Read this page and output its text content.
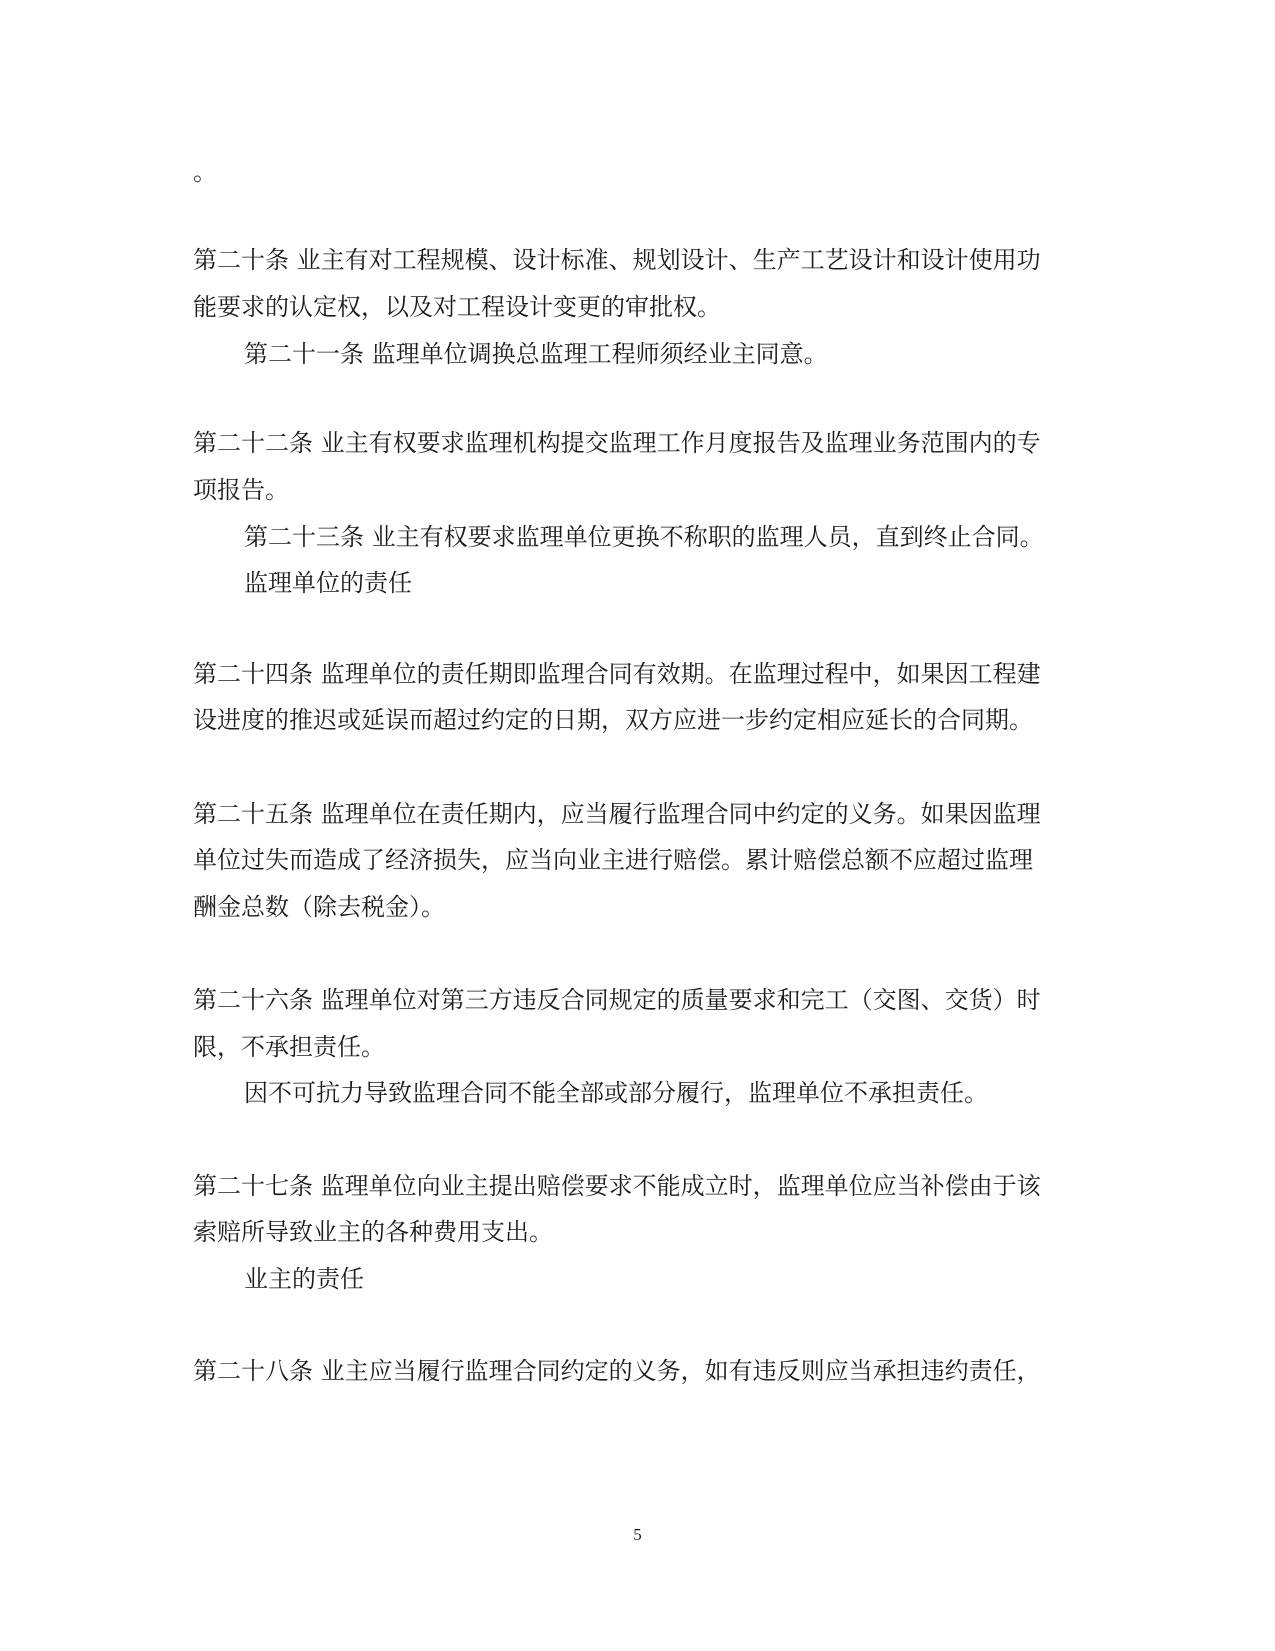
。
第二十条 业主有对工程规模、设计标准、规划设计、生产工艺设计和设计使用功
能要求的认定权，以及对工程设计变更的审批权。
第二十一条 监理单位调换总监理工程师须经业主同意。
第二十二条 业主有权要求监理机构提交监理工作月度报告及监理业务范围内的专
项报告。
第二十三条 业主有权要求监理单位更换不称职的监理人员，直到终止合同。
监理单位的责任
第二十四条 监理单位的责任期即监理合同有效期。在监理过程中，如果因工程建
设进度的推迟或延误而超过约定的日期，双方应进一步约定相应延长的合同期。
第二十五条 监理单位在责任期内，应当履行监理合同中约定的义务。如果因监理
单位过失而造成了经济损失，应当向业主进行赔偿。累计赔偿总额不应超过监理
酬金总数（除去税金）。
第二十六条 监理单位对第三方违反合同规定的质量要求和完工（交图、交货）时
限，不承担责任。
因不可抗力导致监理合同不能全部或部分履行，监理单位不承担责任。
第二十七条 监理单位向业主提出赔偿要求不能成立时，监理单位应当补偿由于该
索赔所导致业主的各种费用支出。
业主的责任
第二十八条 业主应当履行监理合同约定的义务，如有违反则应当承担违约责任，
5
